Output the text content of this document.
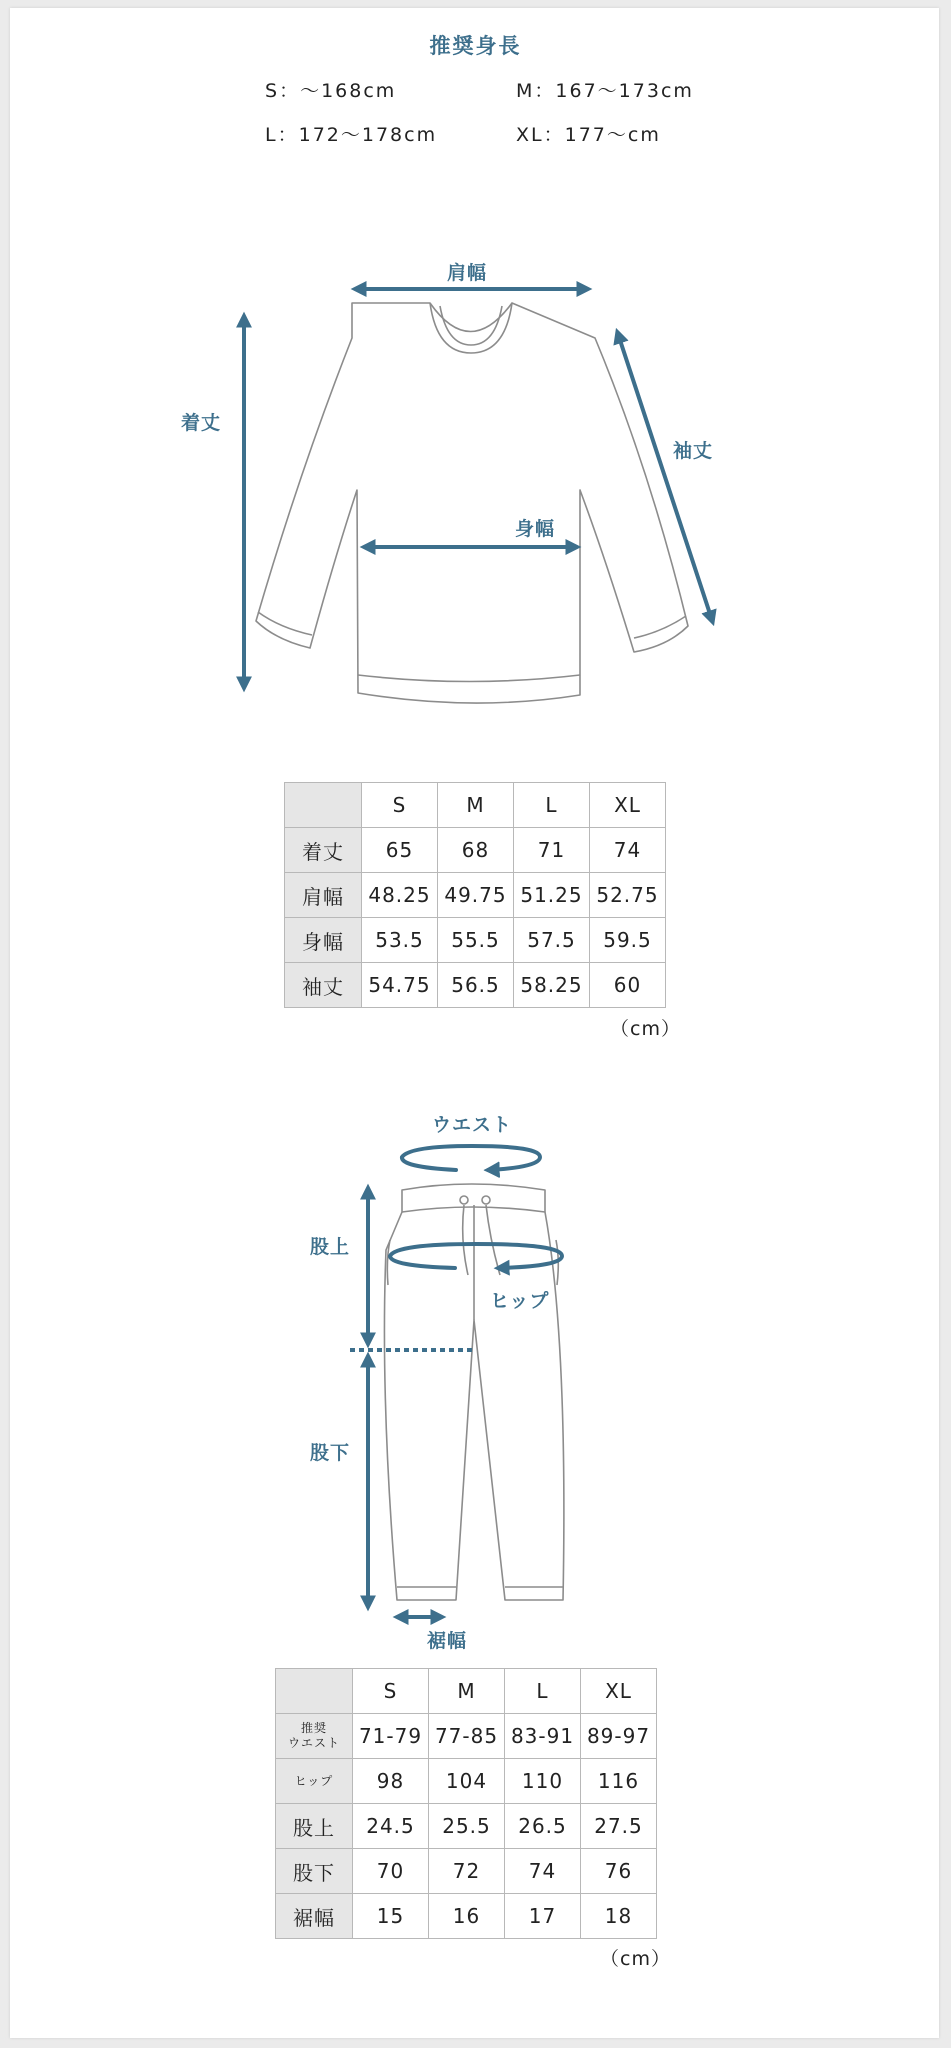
推奨身長
S：～168cm	M：167～173cm
L：172～178cm	XL：177～cm
着丈
肩幅
身幅
袖丈
	S	M	L	XL
着丈	65	68	71	74
肩幅	48.25	49.75	51.25	52.75
身幅	53.5	55.5	57.5	59.5
袖丈	54.75	56.5	58.25	60
（cm）
ウエスト
股上
ヒップ
股下
裾幅
	S	M	L	XL
推奨
ウエスト	71-79	77-85	83-91	89-97
ヒップ	98	104	110	116
股上	24.5	25.5	26.5	27.5
股下	70	72	74	76
裾幅	15	16	17	18
（cm）
